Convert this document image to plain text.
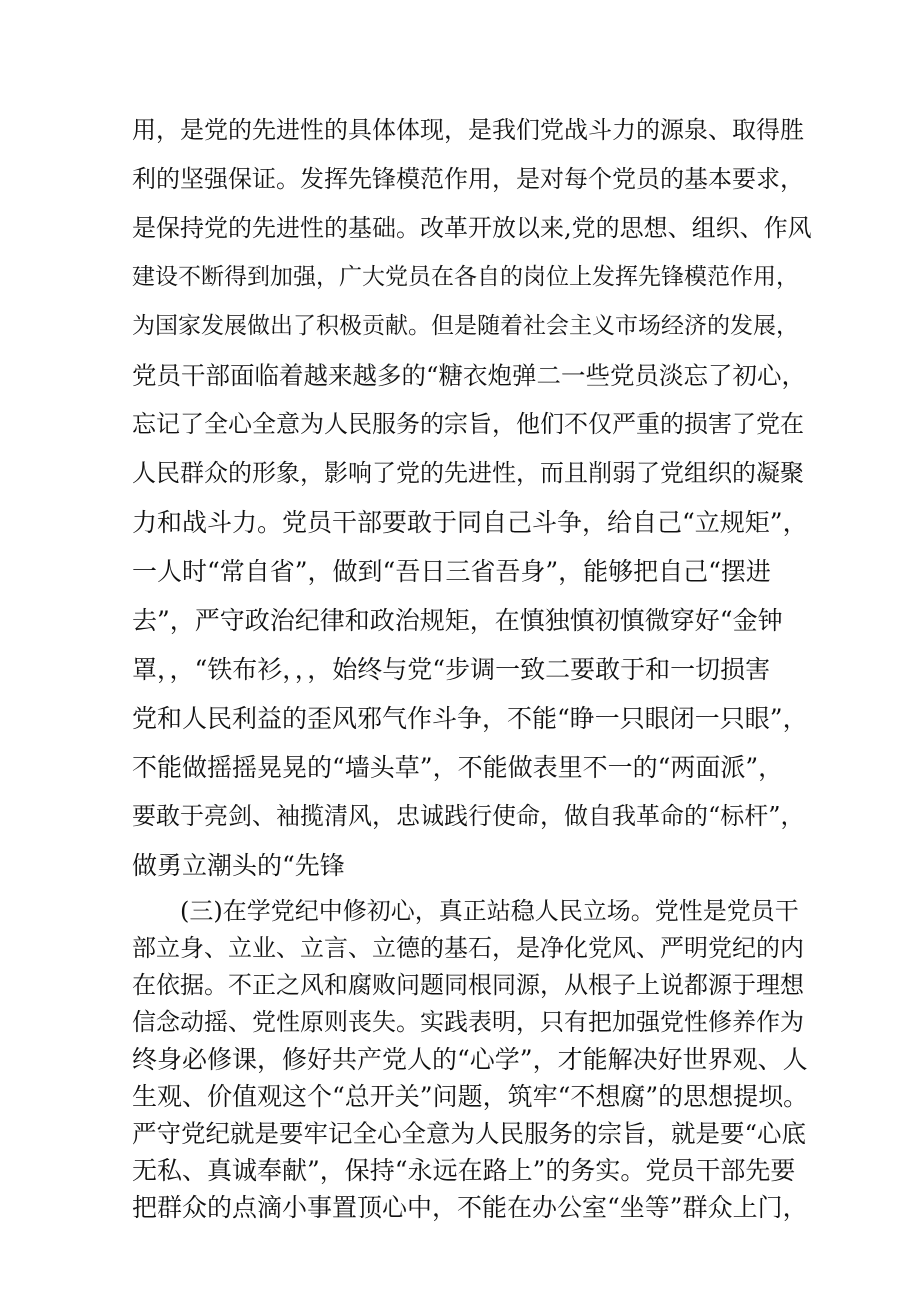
用，是党的先进性的具体体现，是我们党战斗力的源泉、取得胜
利的坚强保证。发挥先锋模范作用，是对每个党员的基本要求，
是保持党的先进性的基础。改革开放以来,党的思想、组织、作风
建设不断得到加强，广大党员在各自的岗位上发挥先锋模范作用，
为国家发展做出了积极贡献。但是随着社会主义市场经济的发展，
党员干部面临着越来越多的“糖衣炮弹二一些党员淡忘了初心，
忘记了全心全意为人民服务的宗旨，他们不仅严重的损害了党在
人民群众的形象，影响了党的先进性，而且削弱了党组织的凝聚
力和战斗力。党员干部要敢于同自己斗争，给自己“立规矩”，
一人时“常自省”，做到“吾日三省吾身”，能够把自己“摆进
去”，严守政治纪律和政治规矩，在慎独慎初慎微穿好“金钟
罩，，“铁布衫，，，始终与党“步调一致二要敢于和一切损害
党和人民利益的歪风邪气作斗争，不能“睁一只眼闭一只眼”，
不能做摇摇晃晃的“墙头草”，不能做表里不一的“两面派”，
要敢于亮剑、袖揽清风，忠诚践行使命，做自我革命的“标杆”，
做勇立潮头的“先锋
　　(三)在学党纪中修初心，真正站稳人民立场。党性是党员干
部立身、立业、立言、立德的基石，是净化党风、严明党纪的内
在依据。不正之风和腐败问题同根同源，从根子上说都源于理想
信念动摇、党性原则丧失。实践表明，只有把加强党性修养作为
终身必修课，修好共产党人的“心学”，才能解决好世界观、人
生观、价值观这个“总开关”问题，筑牢“不想腐”的思想提坝。
严守党纪就是要牢记全心全意为人民服务的宗旨，就是要“心底
无私、真诚奉献”，保持“永远在路上”的务实。党员干部先要
把群众的点滴小事置顶心中，不能在办公室“坐等”群众上门，
